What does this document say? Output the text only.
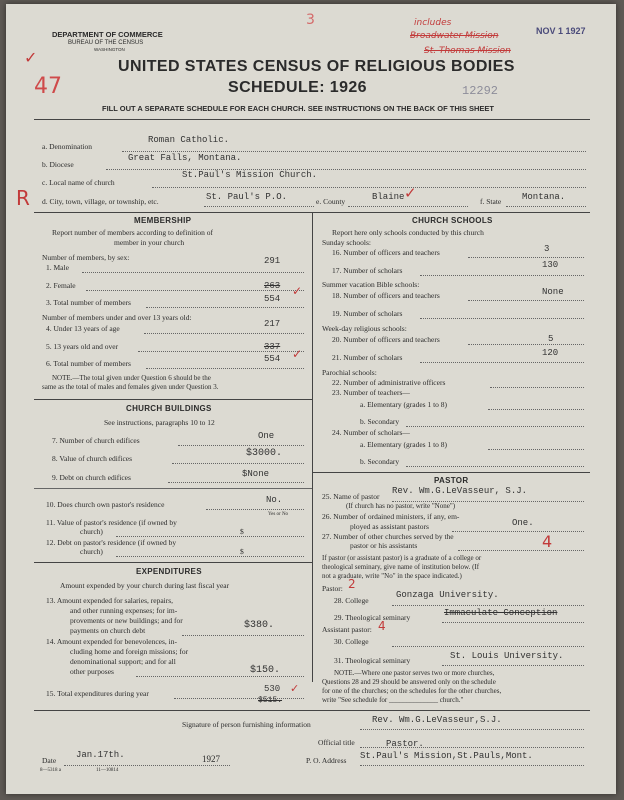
DEPARTMENT OF COMMERCE
BUREAU OF THE CENSUS
WASHINGTON
3	includes
Broadwater Mission
St. Thomas Mission
NOV 1 1927
47
✓	UNITED STATES CENSUS OF RELIGIOUS BODIES
SCHEDULE: 1926	12292
FILL OUT A SEPARATE SCHEDULE FOR EACH CHURCH. SEE INSTRUCTIONS ON THE BACK OF THIS SHEET
a. Denomination
Roman Catholic.
b. Diocese
Great Falls, Montana.
c. Local name of church
St.Paul's Mission Church.
R d. City, town, village, or township, etc.	St. Paul's P.O.	e. County	Blaine ✓	f. State Montana.
MEMBERSHIP
Report number of members according to definition of
member in your church
Number of members, by sex:
1. Male
291
2. Female	263
3. Total number of members	554
✓
Number of members under and over 13 years old:
4. Under 13 years of age	217
5. 13 years old and over	337
6. Total number of members	554 ✓
NOTE.—The total given under Question 6 should be the
same as the total of males and females given under Question 3.
CHURCH BUILDINGS
See instructions, paragraphs 10 to 12
7. Number of church edifices	One
8. Value of church edifices	$3000.
9. Debt on church edifices	$None
10. Does church own pastor's residence	No.
Yes or No
11. Value of pastor's residence (if owned by
church)	$
12. Debt on pastor's residence (if owned by
church)	$
EXPENDITURES
Amount expended by your church during last fiscal year
13. Amount expended for salaries, repairs,
and other running expenses; for im-
provements or new buildings; and for
payments on church debt	$380.
14. Amount expended for benevolences, in-
cluding home and foreign missions; for
denominational support; and for all
other purposes	$150.
15. Total expenditures during year	530 ✓
$515.
CHURCH SCHOOLS
Report here only schools conducted by this church
Sunday schools:
16. Number of officers and teachers	3
17. Number of scholars
130
Summer vacation Bible schools:
18. Number of officers and teachers	None
19. Number of scholars
Week-day religious schools:
20. Number of officers and teachers	5
21. Number of scholars	120
Parochial schools:
22. Number of administrative officers
23. Number of teachers—
a. Elementary (grades 1 to 8)
b. Secondary
24. Number of scholars—
a. Elementary (grades 1 to 8)
b. Secondary
PASTOR
25. Name of pastor
Rev. Wm.G.LeVasseur, S.J.
(If church has no pastor, write "None")
26. Number of ordained ministers, if any, em-
ployed as assistant pastors	One.
27. Number of other churches served by the
pastor or his assistants	4
If pastor (or assistant pastor) is a graduate of a college or
theological seminary, give name of institution below. (If
not a graduate, write "No" in the space indicated.)
Pastor: 2
28. College
Gonzaga University.
29. Theological seminary	Immaculate Conception
Assistant pastor: 4
30. College
31. Theological seminary	St. Louis University.
NOTE.—Where one pastor serves two or more churches,
Questions 28 and 29 should be answered only on the schedule
for one of the churches; on the schedules for the other churches,
write "See schedule for ______________ church."
Signature of person furnishing information	Rev. Wm.G.LeVasseur,S.J.
Official title	Pastor.
Date
Jan.17th.	1927	P. O. Address St.Paul's Mission,St.Pauls,Mont.
8—5318 a	11—10814
